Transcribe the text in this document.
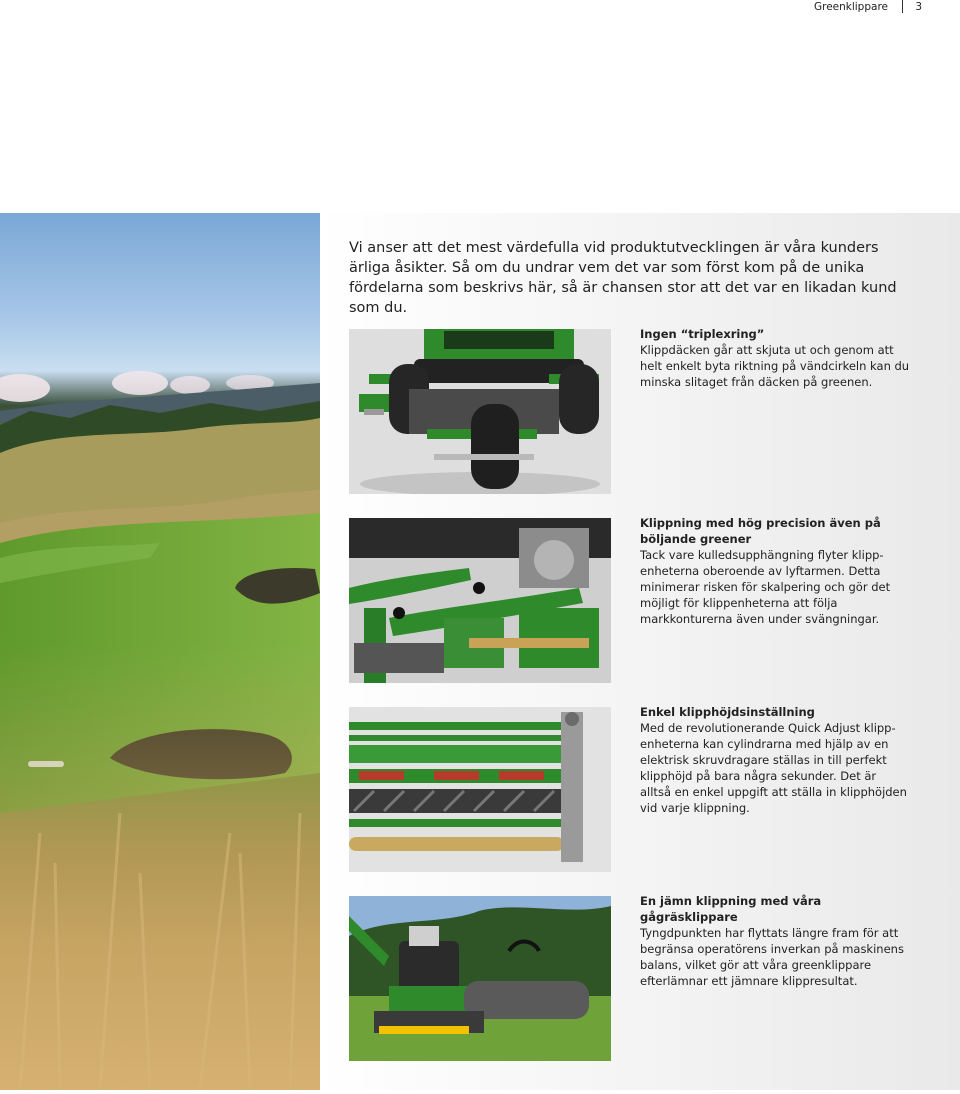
Greenklippare	3
Vi anser att det mest värdefulla vid produktutvecklingen är våra kunders ärliga åsikter. Så om du undrar vem det var som först kom på de unika fördelarna som beskrivs här, så är chansen stor att det var en likadan kund som du.
Ingen “triplexring”
Klippdäcken går att skjuta ut och genom att helt enkelt byta riktning på vändcirkeln kan du minska slitaget från däcken på greenen.
Klippning med hög precision även på böljande greener
Tack vare kulledsupphängning flyter klipp-enheterna oberoende av lyftarmen. Detta minimerar risken för skalpering och gör det möjligt för klippenheterna att följa markkonturerna även under svängningar.
Enkel klipphöjdsinställning
Med de revolutionerande Quick Adjust klipp-enheterna kan cylindrarna med hjälp av en elektrisk skruvdragare ställas in till perfekt klipphöjd på bara några sekunder. Det är alltså en enkel uppgift att ställa in klipphöjden vid varje klippning.
En jämn klippning med våra gågräsklippare
Tyngdpunkten har flyttats längre fram för att begränsa operatörens inverkan på maskinens balans, vilket gör att våra greenklippare efterlämnar ett jämnare klippresultat.
